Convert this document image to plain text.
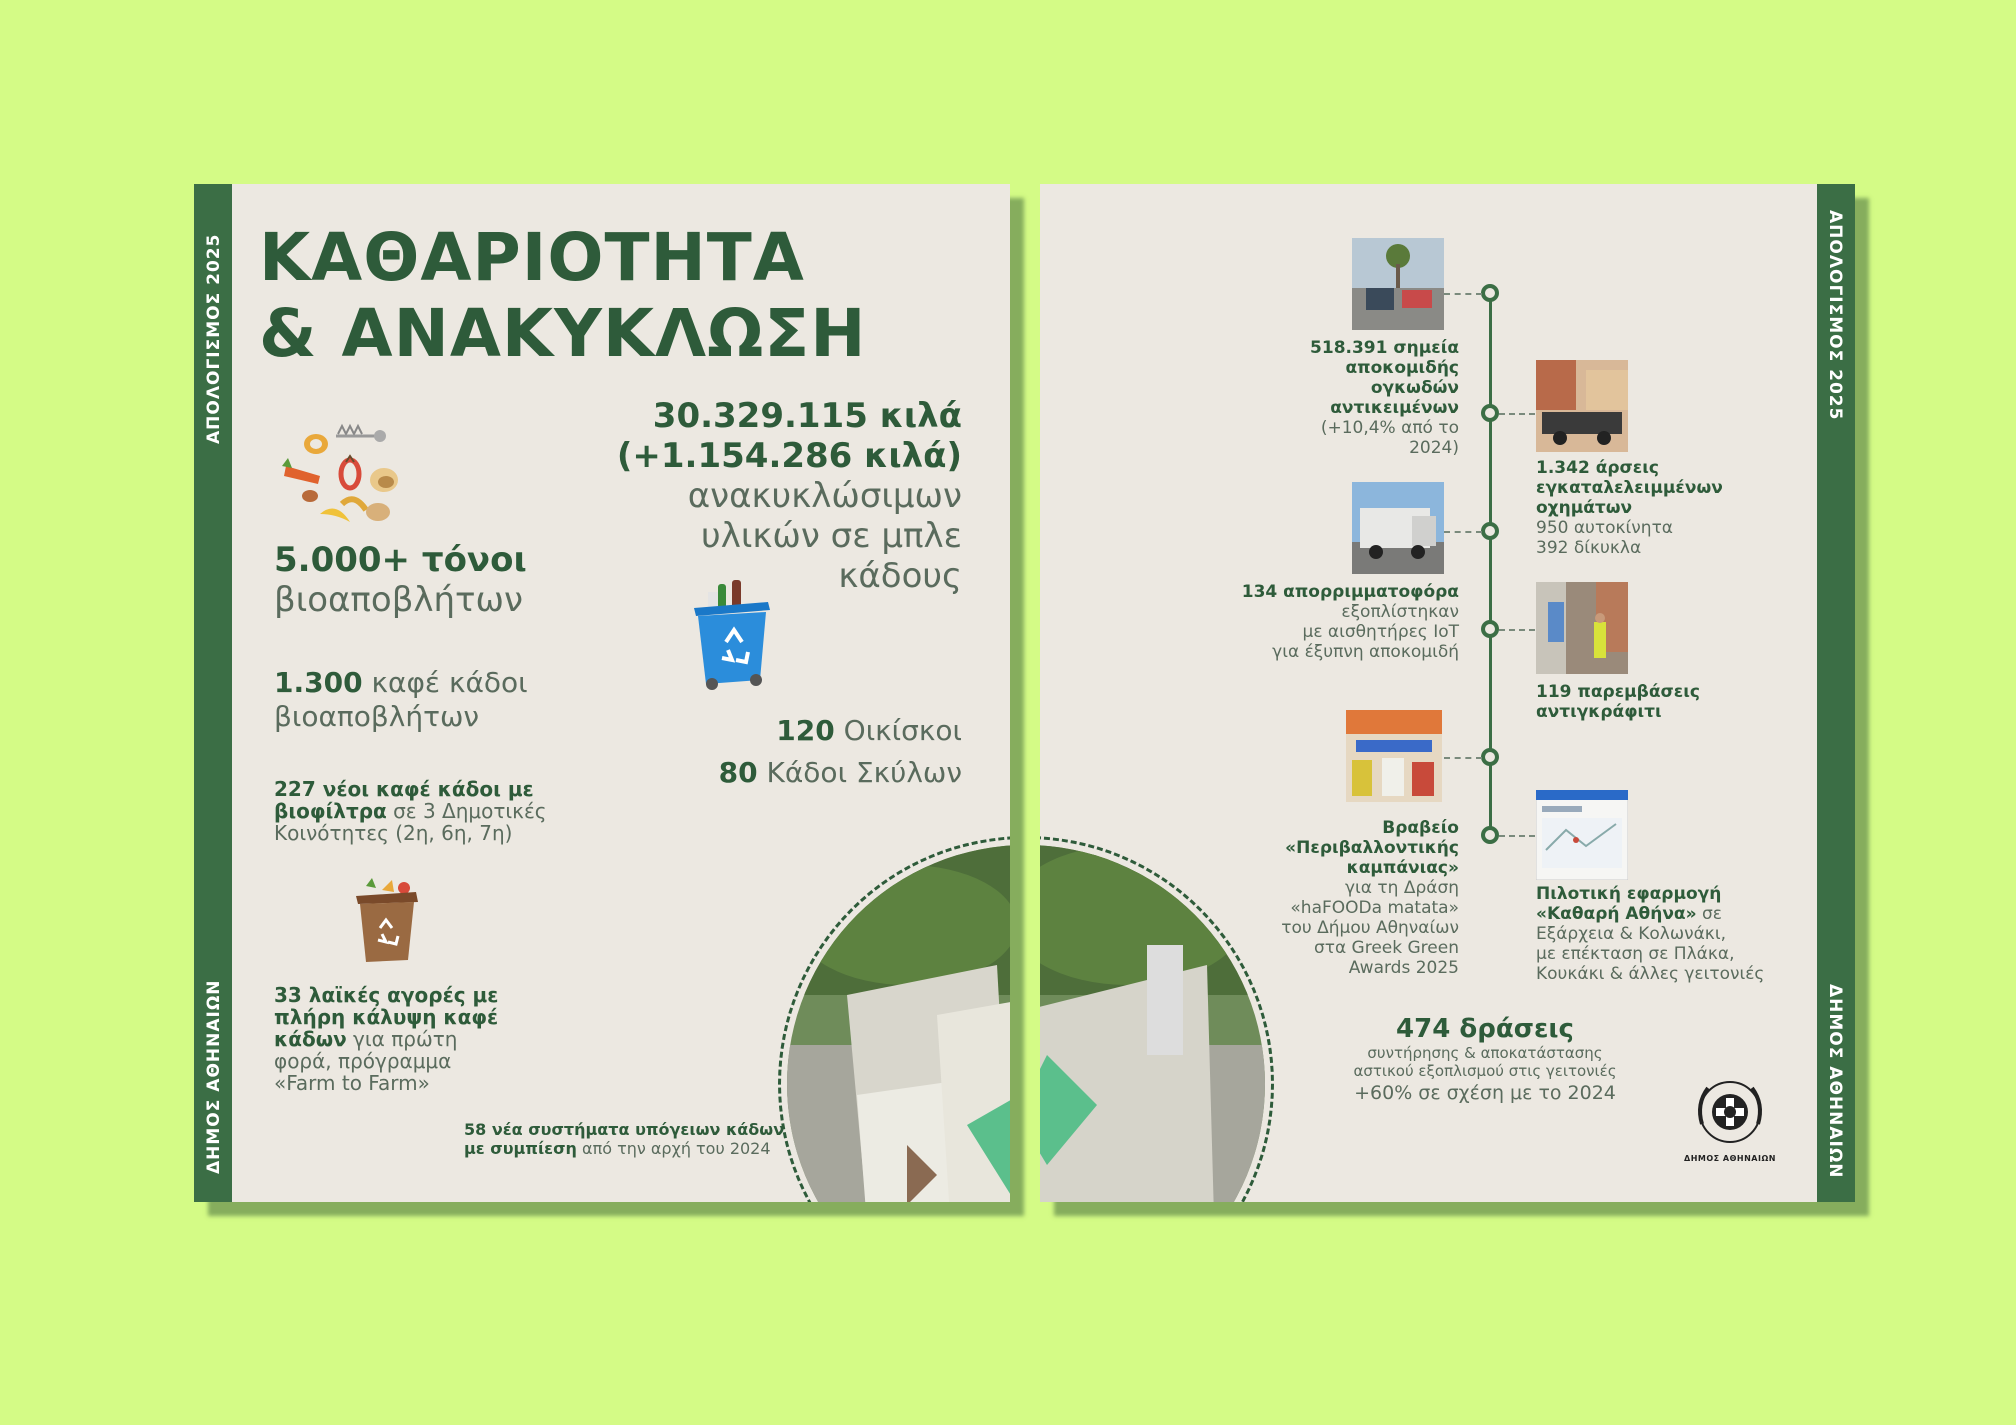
ΑΠΟΛΟΓΙΣΜΟΣ 2025
ΔΗΜΟΣ ΑΘΗΝΑΙΩΝ
ΚΑΘΑΡΙΟΤΗΤΑ
& ΑΝΑΚΥΚΛΩΣΗ
5.000+ τόνοι
βιοαποβλήτων
30.329.115 κιλά
(+1.154.286 κιλά)
ανακυκλώσιμων
υλικών σε μπλε
κάδους
1.300 καφέ κάδοι
βιοαποβλήτων	120 Οικίσκοι
80 Κάδοι Σκύλων
227 νέοι καφέ κάδοι με
βιοφίλτρα σε 3 Δημοτικές
Κοινότητες (2η, 6η, 7η)
33 λαϊκές αγορές με
πλήρη κάλυψη καφέ
κάδων για πρώτη
φορά, πρόγραμμα
«Farm to Farm»
58 νέα συστήματα υπόγειων κάδων
με συμπίεση από την αρχή του 2024
ΑΠΟΛΟΓΙΣΜΟΣ 2025
ΔΗΜΟΣ ΑΘΗΝΑΙΩΝ
518.391 σημεία
αποκομιδής
ογκωδών
αντικειμένων
(+10,4% από το
2024)
1.342 άρσεις
εγκαταλελειμμένων
οχημάτων
950 αυτοκίνητα
392 δίκυκλα
134 απορριμματοφόρα
εξοπλίστηκαν
με αισθητήρες IoT
για έξυπνη αποκομιδή
119 παρεμβάσεις
αντιγκράφιτι
Βραβείο
«Περιβαλλοντικής
καμπάνιας»
για τη Δράση
«haFOODa matata»
του Δήμου Αθηναίων
στα Greek Green
Awards 2025
Πιλοτική εφαρμογή
«Καθαρή Αθήνα» σε
Εξάρχεια & Κολωνάκι,
με επέκταση σε Πλάκα,
Κουκάκι & άλλες γειτονιές
474 δράσεις
συντήρησης & αποκατάστασης
αστικού εξοπλισμού στις γειτονιές
+60% σε σχέση με το 2024
ΔΗΜΟΣ ΑΘΗΝΑΙΩΝ
